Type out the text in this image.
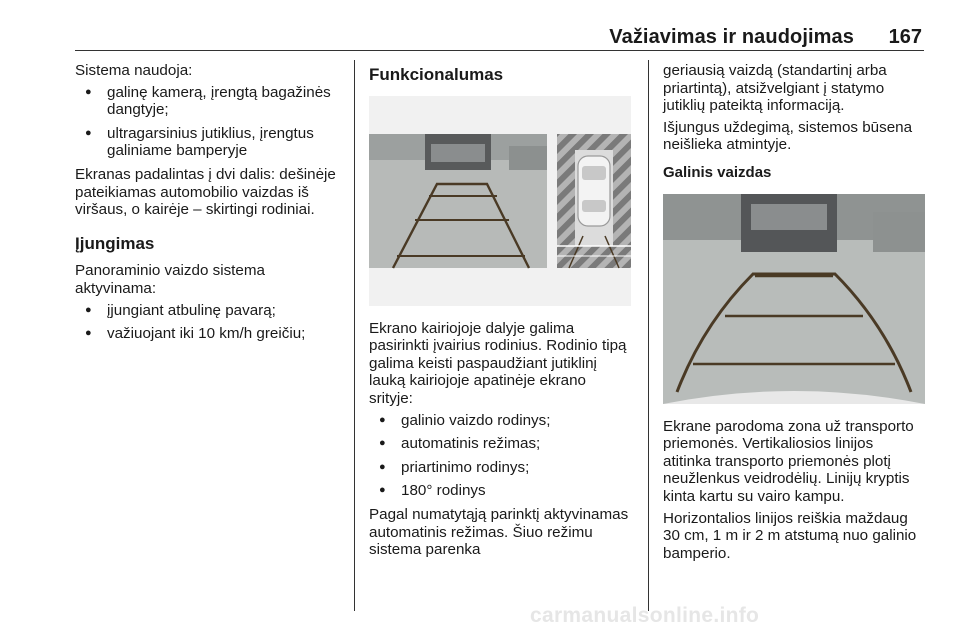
Važiavimas ir naudojimas 167

Sistema naudoja:

● galinę kamerą, įrengtą bagažinės dangtyje;
● ultragarsinius jutiklius, įrengtus galiniame bamperyje

Ekranas padalintas į dvi dalis: dešinėje pateikiamas automobilio vaizdas iš viršaus, o kairėje – skirtingi rodiniai.

Įjungimas

Panoraminio vaizdo sistema aktyvinama:

● įjungiant atbulinę pavarą;
● važiuojant iki 10 km/h greičiu;
Funkcionalumas

Ekrano kairiojoje dalyje galima pasirinkti įvairius rodinius. Rodinio tipą galima keisti paspaudžiant jutiklinį lauką kairiojoje apatinėje ekrano srityje:

● galinio vaizdo rodinys;
● automatinis režimas;
● priartinimo rodinys;
● 180° rodinys

Pagal numatytąją parinktį aktyvinamas automatinis režimas. Šiuo režimu sistema parenka

geriausią vaizdą (standartinį arba priartintą), atsižvelgiant į statymo jutiklių pateiktą informaciją.

Išjungus uždegimą, sistemos būsena neišlieka atmintyje.

Galinis vaizdas

Ekrane parodoma zona už transporto priemonės. Vertikaliosios linijos atitinka transporto priemonės plotį neužlenkus veidrodėlių. Linijų kryptis kinta kartu su vairo kampu.

Horizontalios linijos reiškia maždaug 30 cm, 1 m ir 2 m atstumą nuo galinio bamperio.

carmanualsonline.info
